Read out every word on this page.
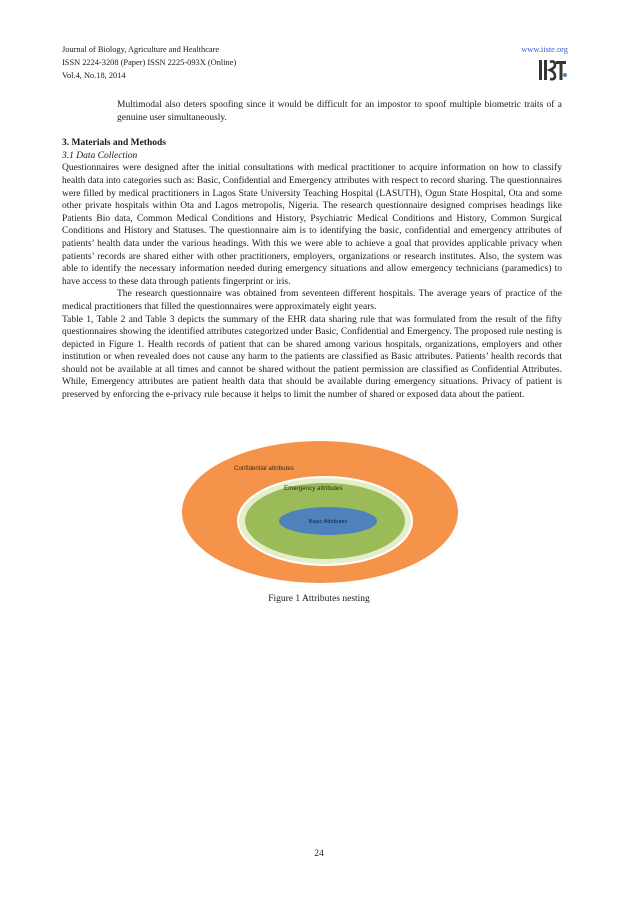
Journal of Biology, Agriculture and Healthcare
ISSN 2224-3208 (Paper) ISSN 2225-093X (Online)
Vol.4, No.18, 2014
www.iiste.org

Multimodal also deters spoofing since it would be difficult for an impostor to spoof multiple biometric traits of a genuine user simultaneously.

3. Materials and Methods

3.1 Data Collection

Questionnaires were designed after the initial consultations with medical practitioner to acquire information on how to classify health data into categories such as: Basic, Confidential and Emergency attributes with respect to record sharing. The questionnaires were filled by medical practitioners in Lagos State University Teaching Hospital (LASUTH), Ogun State Hospital, Ota and some other private hospitals within Ota and Lagos metropolis, Nigeria. The research questionnaire designed comprises headings like Patients Bio data, Common Medical Conditions and History, Psychiatric Medical Conditions and History, Common Surgical Conditions and History and Statuses. The questionnaire aim is to identifying the basic, confidential and emergency attributes of patients’ health data under the various headings. With this we were able to achieve a goal that provides applicable privacy when patients’ records are shared either with other practitioners, employers, organizations or research institutes. Also, the system was able to identify the necessary information needed during emergency situations and allow emergency technicians (paramedics) to have access to these data through patients fingerprint or iris.

The research questionnaire was obtained from seventeen different hospitals. The average years of practice of the medical practitioners that filled the questionnaires were approximately eight years.

Table 1, Table 2 and Table 3 depicts the summary of the EHR data sharing rule that was formulated from the result of the fifty questionnaires showing the identified attributes categorized under Basic, Confidential and Emergency. The proposed rule nesting is depicted in Figure 1. Health records of patient that can be shared among various hospitals, organizations, employers and other institution or when revealed does not cause any harm to the patients are classified as Basic attributes. Patients’ health records that should not be available at all times and cannot be shared without the patient permission are classified as Confidential Attributes. While, Emergency attributes are patient health data that should be available during emergency situations. Privacy of patient is preserved by enforcing the e-privacy rule because it helps to limit the number of shared or exposed data about the patient.

Confidential attributes
Emergency attributes
Basic Attributes
Figure 1 Attributes nesting
24
